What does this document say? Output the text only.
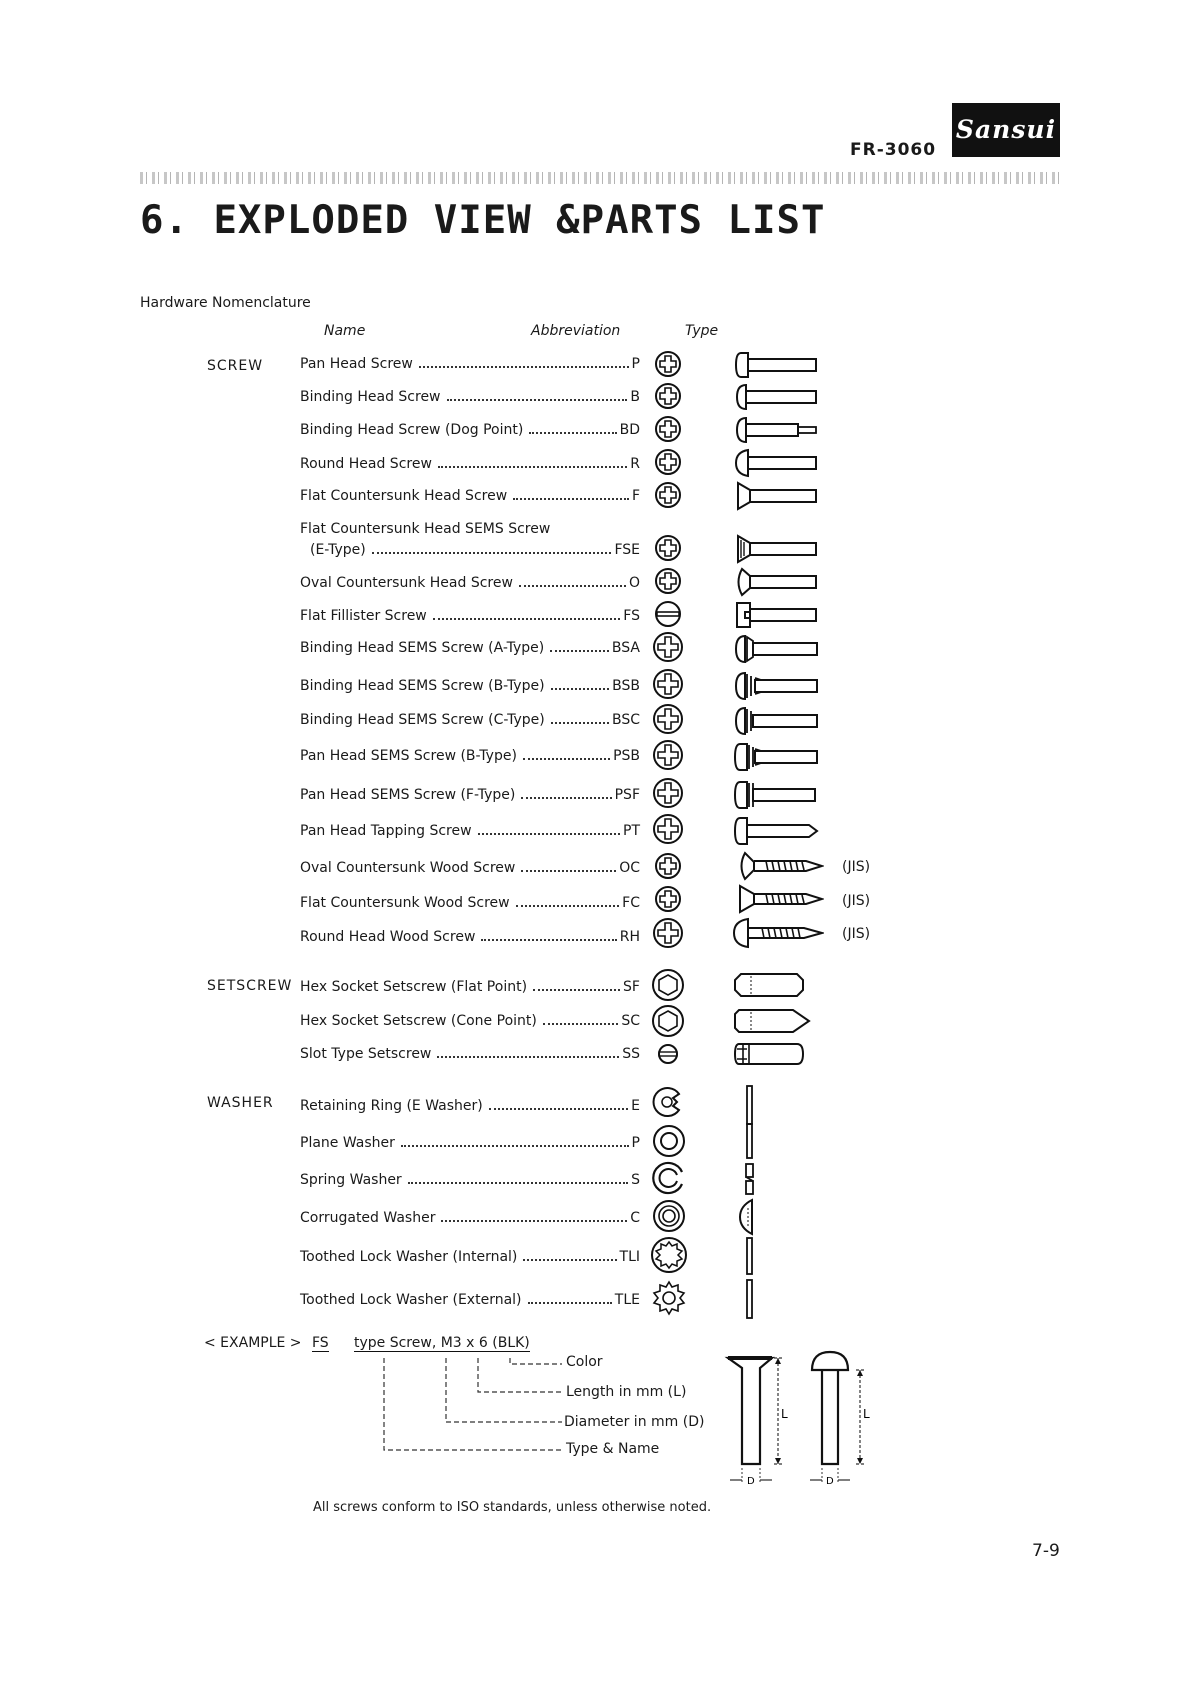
FR-3060
Sansui
6. EXPLODED VIEW &PARTS LIST
Hardware Nomenclature
Name	Abbreviation	Type
SCREW
SETSCREW
WASHER
Pan Head Screw	P
Binding Head Screw	B
Binding Head Screw (Dog Point)	BD
Round Head Screw	R
Flat Countersunk Head Screw	F
Flat Countersunk Head SEMS Screw
(E-Type)	FSE
Oval Countersunk Head Screw	O
Flat Fillister Screw	FS
Binding Head SEMS Screw (A-Type)	BSA
Binding Head SEMS Screw (B-Type)	BSB
Binding Head SEMS Screw (C-Type)	BSC
Pan Head SEMS Screw (B-Type)	PSB
Pan Head SEMS Screw (F-Type)	PSF
Pan Head Tapping Screw	PT
Oval Countersunk Wood Screw	OC
Flat Countersunk Wood Screw	FC
Round Head Wood Screw	RH
(JIS)
(JIS)
(JIS)
Hex Socket Setscrew (Flat Point)	SF
Hex Socket Setscrew (Cone Point)	SC
Slot Type Setscrew	SS
Retaining Ring (E Washer)	E
Plane Washer	P
Spring Washer	S
Corrugated Washer	C
Toothed Lock Washer (Internal)	TLI
Toothed Lock Washer (External)	TLE
< EXAMPLE > FS type Screw, M3 x 6 (BLK)
Color
Length in mm (L)
Diameter in mm (D)
Type & Name
L
D
L
D
All screws conform to ISO standards, unless otherwise noted.
7-9
